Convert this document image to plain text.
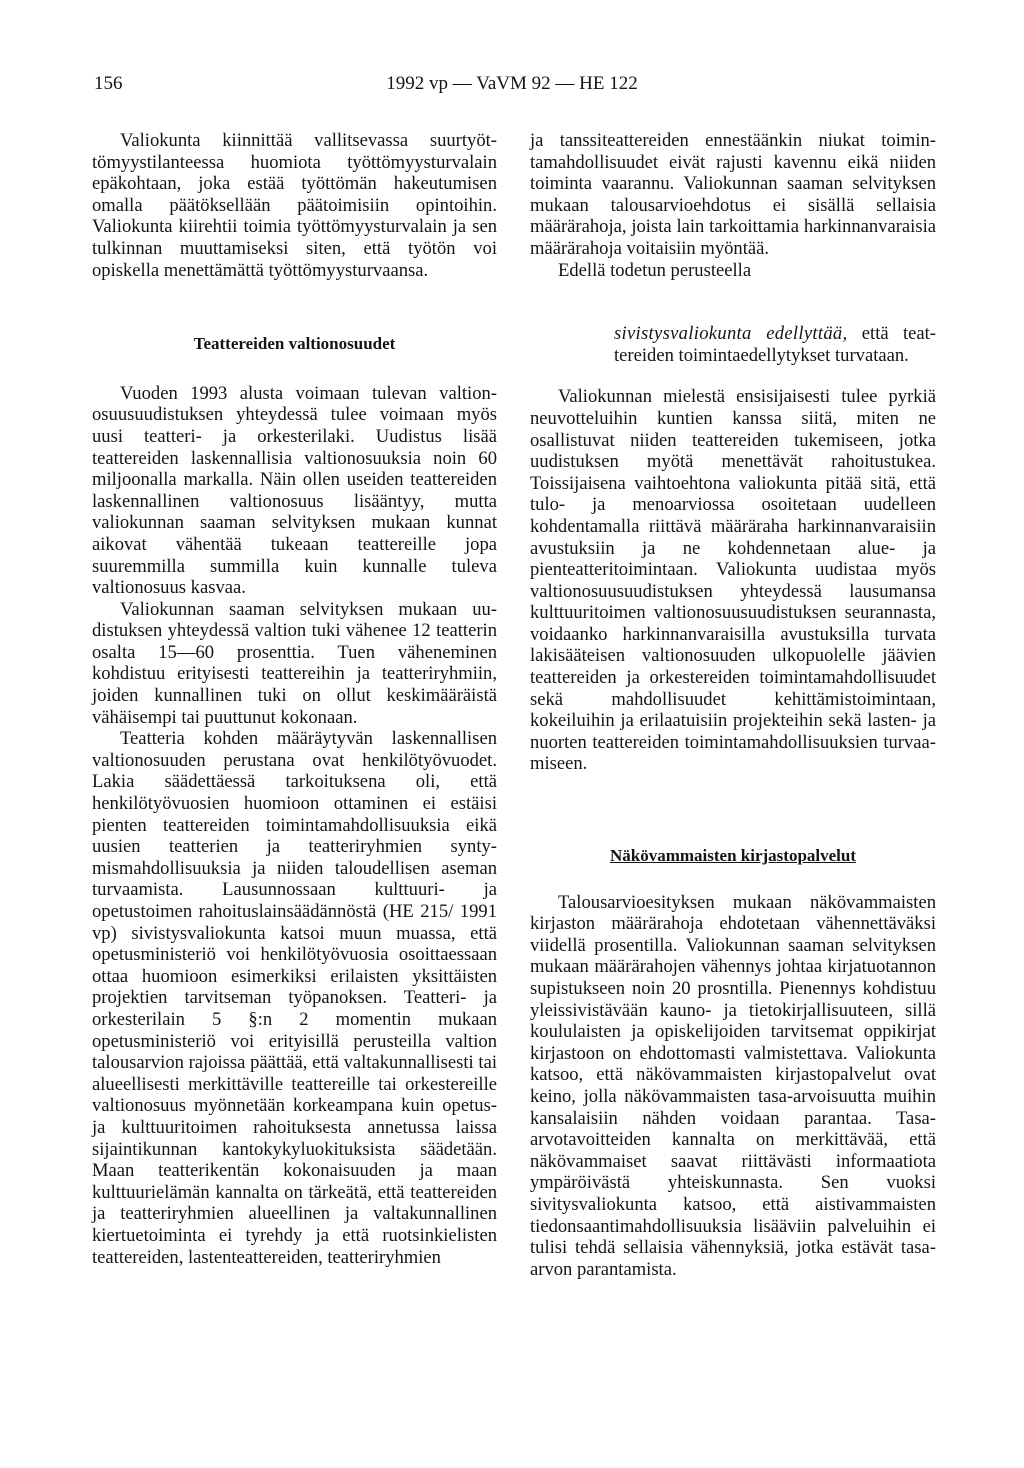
156	1992 vp — VaVM 92 — HE 122

Valiokunta kiinnittää vallitsevassa suurtyöttömyystilanteessa huomiota työttömyysturvalain epäkohtaan, joka estää työttömän hakeutumisen omalla päätöksellään päätoimisiin opintoihin. Valiokunta kiirehtii toimia työttömyysturvalain ja sen tulkinnan muuttamiseksi siten, että työtön voi opiskella menettämättä työttömyysturvaansa.

Teattereiden valtionosuudet

Vuoden 1993 alusta voimaan tulevan valtionosuusuudistuksen yhteydessä tulee voimaan myös uusi teatteri- ja orkesterilaki. Uudistus lisää teattereiden laskennallisia valtionosuuksia noin 60 miljoonalla markalla. Näin ollen useiden teattereiden laskennallinen valtionosuus lisääntyy, mutta valiokunnan saaman selvityksen mukaan kunnat aikovat vähentää tukeaan teattereille jopa suuremmilla summilla kuin kunnalle tuleva valtionosuus kasvaa.

Valiokunnan saaman selvityksen mukaan uudistuksen yhteydessä valtion tuki vähenee 12 teatterin osalta 15—60 prosenttia. Tuen väheneminen kohdistuu erityisesti teattereihin ja teatteriryhmiin, joiden kunnallinen tuki on ollut keskimääräistä vähäisempi tai puuttunut kokonaan.

Teatteria kohden määräytyvän laskennallisen valtionosuuden perustana ovat henkilötyövuodet. Lakia säädettäessä tarkoituksena oli, että henkilötyövuosien huomioon ottaminen ei estäisi pienten teattereiden toimintamahdollisuuksia eikä uusien teatterien ja teatteriryhmien syntymismahdollisuuksia ja niiden taloudellisen aseman turvaamista. Lausunnossaan kulttuuri- ja opetustoimen rahoituslainsäädännöstä (HE 215/ 1991 vp) sivistysvaliokunta katsoi muun muassa, että opetusministeriö voi henkilötyövuosia osoittaessaan ottaa huomioon esimerkiksi erilaisten yksittäisten projektien tarvitseman työpanoksen. Teatteri- ja orkesterilain 5 §:n 2 momentin mukaan opetusministeriö voi erityisillä perusteilla valtion talousarvion rajoissa päättää, että valtakunnallisesti tai alueellisesti merkittäville teattereille tai orkestereille valtionosuus myönnetään korkeampana kuin opetus- ja kulttuuritoimen rahoituksesta annetussa laissa sijaintikunnan kantokykyluokituksista säädetään. Maan teatterikentän kokonaisuuden ja maan kulttuurielämän kannalta on tärkeätä, että teattereiden ja teatteriryhmien alueellinen ja valtakunnallinen kiertuetoiminta ei tyrehdy ja että ruotsinkielisten teattereiden, lastenteattereiden, teatteriryhmien

ja tanssiteattereiden ennestäänkin niukat toimintamahdollisuudet eivät rajusti kavennu eikä niiden toiminta vaarannu. Valiokunnan saaman selvityksen mukaan talousarvioehdotus ei sisällä sellaisia määrärahoja, joista lain tarkoittamia harkinnanvaraisia määrärahoja voitaisiin myöntää.

Edellä todetun perusteella

sivistysvaliokunta edellyttää, että teattereiden toimintaedellytykset turvataan.

Valiokunnan mielestä ensisijaisesti tulee pyrkiä neuvotteluihin kuntien kanssa siitä, miten ne osallistuvat niiden teattereiden tukemiseen, jotka uudistuksen myötä menettävät rahoitustukea. Toissijaisena vaihtoehtona valiokunta pitää sitä, että tulo- ja menoarviossa osoitetaan uudelleen kohdentamalla riittävä määräraha harkinnanvaraisiin avustuksiin ja ne kohdennetaan alue- ja pienteatteritoimintaan. Valiokunta uudistaa myös valtionosuusuudistuksen yhteydessä lausumansa kulttuuritoimen valtionosuusuudistuksen seurannasta, voidaanko harkinnanvaraisilla avustuksilla turvata lakisääteisen valtionosuuden ulkopuolelle jäävien teattereiden ja orkestereiden toimintamahdollisuudet sekä mahdollisuudet kehittämistoimintaan, kokeiluihin ja erilaatuisiin projekteihin sekä lasten- ja nuorten teattereiden toimintamahdollisuuksien turvaamiseen.

Näkövammaisten kirjastopalvelut

Talousarvioesityksen mukaan näkövammaisten kirjaston määrärahoja ehdotetaan vähennettäväksi viidellä prosentilla. Valiokunnan saaman selvityksen mukaan määrärahojen vähennys johtaa kirjatuotannon supistukseen noin 20 prosntilla. Pienennys kohdistuu yleissivistävään kauno- ja tietokirjallisuuteen, sillä koululaisten ja opiskelijoiden tarvitsemat oppikirjat kirjastoon on ehdottomasti valmistettava. Valiokunta katsoo, että näkövammaisten kirjastopalvelut ovat keino, jolla näkövammaisten tasa-arvoisuutta muihin kansalaisiin nähden voidaan parantaa. Tasa-arvotavoitteiden kannalta on merkittävää, että näkövammaiset saavat riittävästi informaatiota ympäröivästä yhteiskunnasta. Sen vuoksi sivitysvaliokunta katsoo, että aistivammaisten tiedonsaantimahdollisuuksia lisääviin palveluihin ei tulisi tehdä sellaisia vähennyksiä, jotka estävät tasa-arvon parantamista.
